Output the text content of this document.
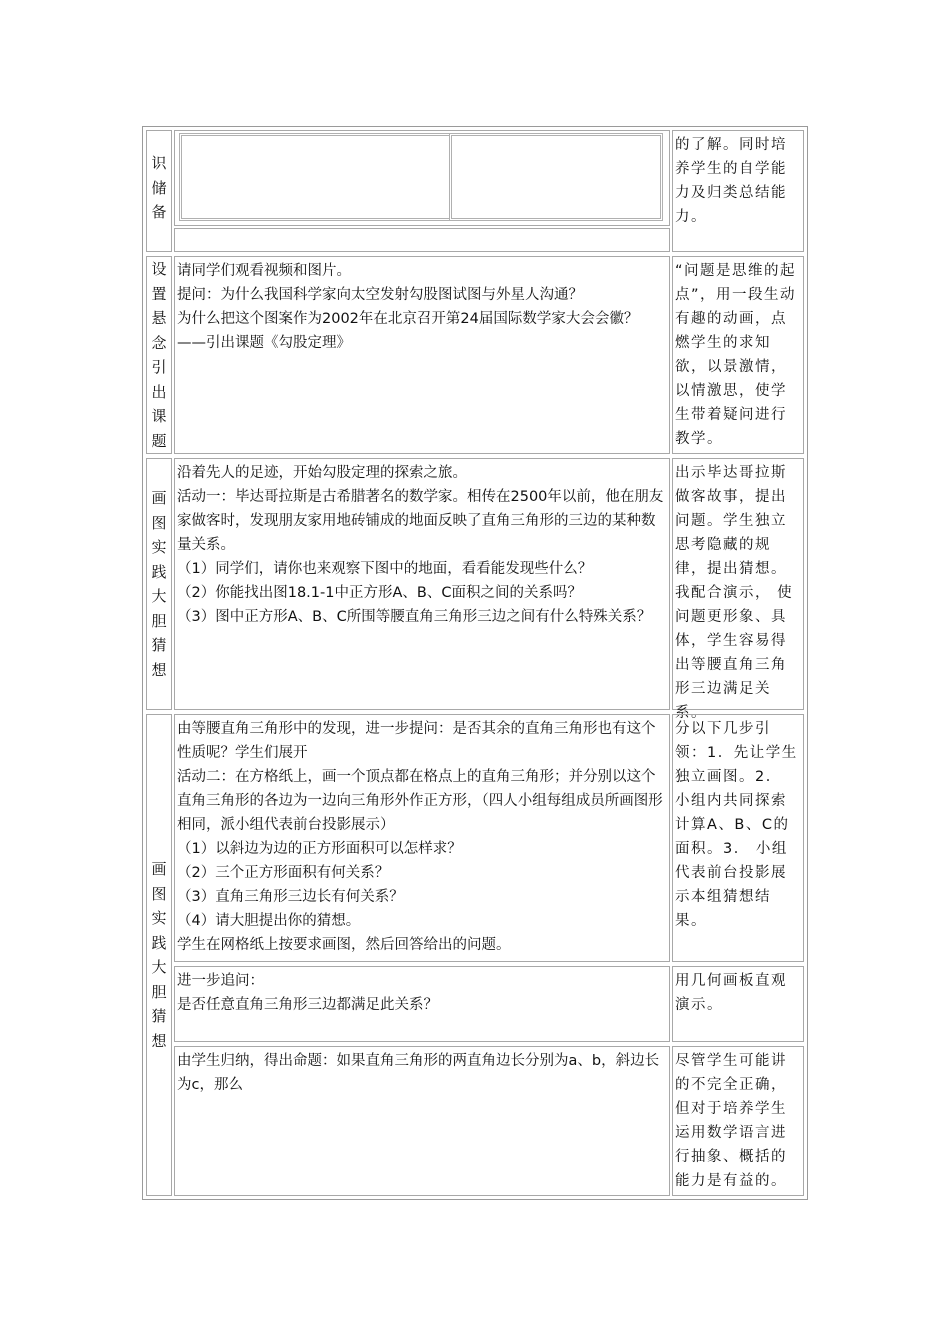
识储备

的了解。同时培养学生的自学能力及归类总结能力。

设置悬念引出课题

请同学们观看视频和图片。

提问：为什么我国科学家向太空发射勾股图试图与外星人沟通？

为什么把这个图案作为2002年在北京召开第24届国际数学家大会会徽？——引出课题《勾股定理》

“问题是思维的起点”，用一段生动有趣的动画，点燃学生的求知欲，以景激情， 以情激思，使学生带着疑问进行教学。

画图实践大胆猜想

沿着先人的足迹，开始勾股定理的探索之旅。

活动一：毕达哥拉斯是古希腊著名的数学家。相传在2500年以前，他在朋友家做客时，发现朋友家用地砖铺成的地面反映了直角三角形的三边的某种数量关系。

（1）同学们，请你也来观察下图中的地面，看看能发现些什么？

（2）你能找出图18.1-1中正方形A、B、C面积之间的关系吗？

（3）图中正方形A、B、C所围等腰直角三角形三边之间有什么特殊关系？

出示毕达哥拉斯做客故事，提出问题。学生独立思考隐藏的规律，提出猜想。我配合演示， 使问题更形象、具体，学生容易得出等腰直角三角形三边满足关系。

画图实践大胆猜想

由等腰直角三角形中的发现，进一步提问：是否其余的直角三角形也有这个性质呢？学生们展开

活动二：在方格纸上，画一个顶点都在格点上的直角三角形；并分别以这个直角三角形的各边为一边向三角形外作正方形，（四人小组每组成员所画图形相同，派小组代表前台投影展示）

（1）以斜边为边的正方形面积可以怎样求？

（2）三个正方形面积有何关系？

（3）直角三角形三边长有何关系？

（4）请大胆提出你的猜想。

学生在网格纸上按要求画图，然后回答给出的问题。

分以下几步引领：1．先让学生独立画图。2． 小组内共同探索计算A、B、C的面积。3． 小组代表前台投影展示本组猜想结果。

进一步追问：

是否任意直角三角形三边都满足此关系？

用几何画板直观演示。

由学生归纳，得出命题：如果直角三角形的两直角边长分别为a、b，斜边长为c，那么

尽管学生可能讲的不完全正确，但对于培养学生运用数学语言进行抽象、概括的能力是有益的。
